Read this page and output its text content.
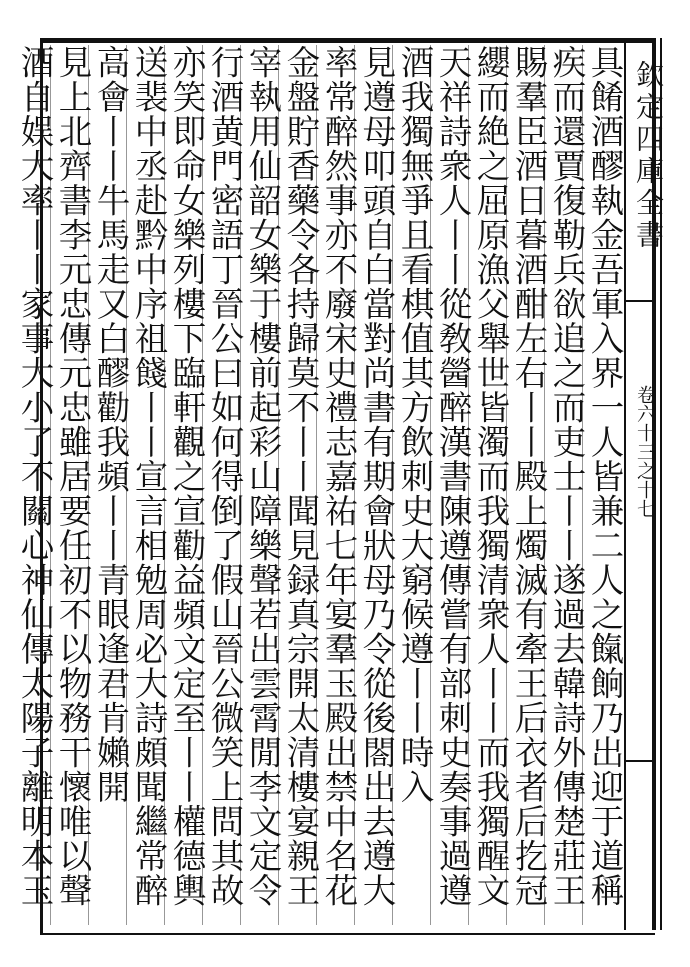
欽定四庫全書
卷六十三之十七
具餚酒醪執金吾軍入界一人皆兼二人之餼餉乃出迎于道稱
疾而還賈復勒兵欲追之而吏士丨丨遂過去韓詩外傳楚莊王
賜羣臣酒日暮酒酣左右丨丨殿上燭滅有牽王后衣者后扢冠
纓而絶之屈原漁父舉世皆濁而我獨清衆人丨丨而我獨醒文
天祥詩衆人丨丨從敎醟醉漢書陳遵傳嘗有部刺史奏事過遵
酒我獨無爭且看棋值其方飲刺史大窮候遵丨丨時入
見遵母叩頭自白當對尚書有期會狀母乃令從後閤出去遵大
率常醉然事亦不廢宋史禮志嘉祐七年宴羣玉殿出禁中名花
金盤貯香藥令各持歸莫不丨丨聞見録真宗開太清樓宴親王
宰執用仙韶女樂于樓前起彩山障樂聲若出雲霄閒李文定令
行酒黄門密語丁晉公曰如何得倒了假山晉公微笑上問其故
亦笑即命女樂列樓下臨軒觀之宣勸益頻文定至丨丨權德輿
送裴中丞赴黔中序祖餞丨丨宣言相勉周必大詩頗聞繼常醉
高會丨丨牛馬走又白醪勸我頻丨丨青眼逢君肯嬾開
見上北齊書李元忠傳元忠雖居要任初不以物務干懷唯以聲
酒自娱大率丨丨家事大小了不關心神仙傳太陽子離明本玉
